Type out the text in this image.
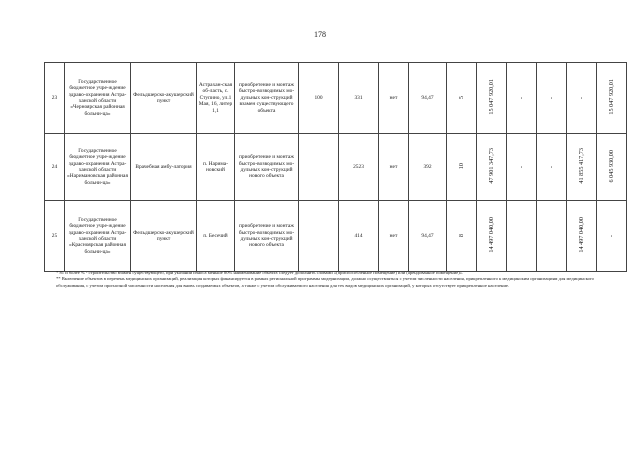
178
23	Государственное бюджетное учре-ждение здраво-охранения Астра-ханской области «Черноярская районная больни-ца»	Фельдшерско-акушерский пункт	Астрахан-ская об-ласть, с. Ступино, ул.1 Мая, 16, литер 1,1	приобретение и монтаж быстро-возводимых мо-дульных кон-струкций взамен существующего объекта	100	331	нет	94,47	5	15 047 920,01	-	-	-	15 047 920,01
24	Государственное бюджетное учре-ждение здраво-охранения Астра-ханской области «Наримановская районная больни-ца»	Врачебная амбу-латория	п. Нарима-новский	приобретение и монтаж быстро-возводимых мо-дульных кон-струкций нового объекта		2523	нет	392	10	47 901 347,73	-	-	41 855 417,73	6 045 930,00
25	Государственное бюджетное учре-ждение здраво-охранения Астра-ханской области «Красноярская районная больни-ца»	Фельдшерско-акушерский пункт	п. Бесечий	приобретение и монтаж быстро-возводимых мо-дульных кон-струкций нового объекта		414	нет	94,47	8	14 497 040,00			14 497 040,00	-

* 81 и более % - строительство взамен существующего, при указании износа меньше 80% наименование объекта следует дополнить словами «(приспособленное помещение) или (арендованное помещение)».

** Включение объектов в перечень медицинских организаций, реализация которых финансируется в рамках региональной программы модернизации, должно осуществляться с учетом численности населения, прикрепленного к медицинским организациям для медицинского обслуживания, с учетом прогнозной численности населения для вновь создаваемых объектов, а также с учетом обслуживаемого населения для тех видов медицинских организаций, у которых отсутствует прикрепленное население.
